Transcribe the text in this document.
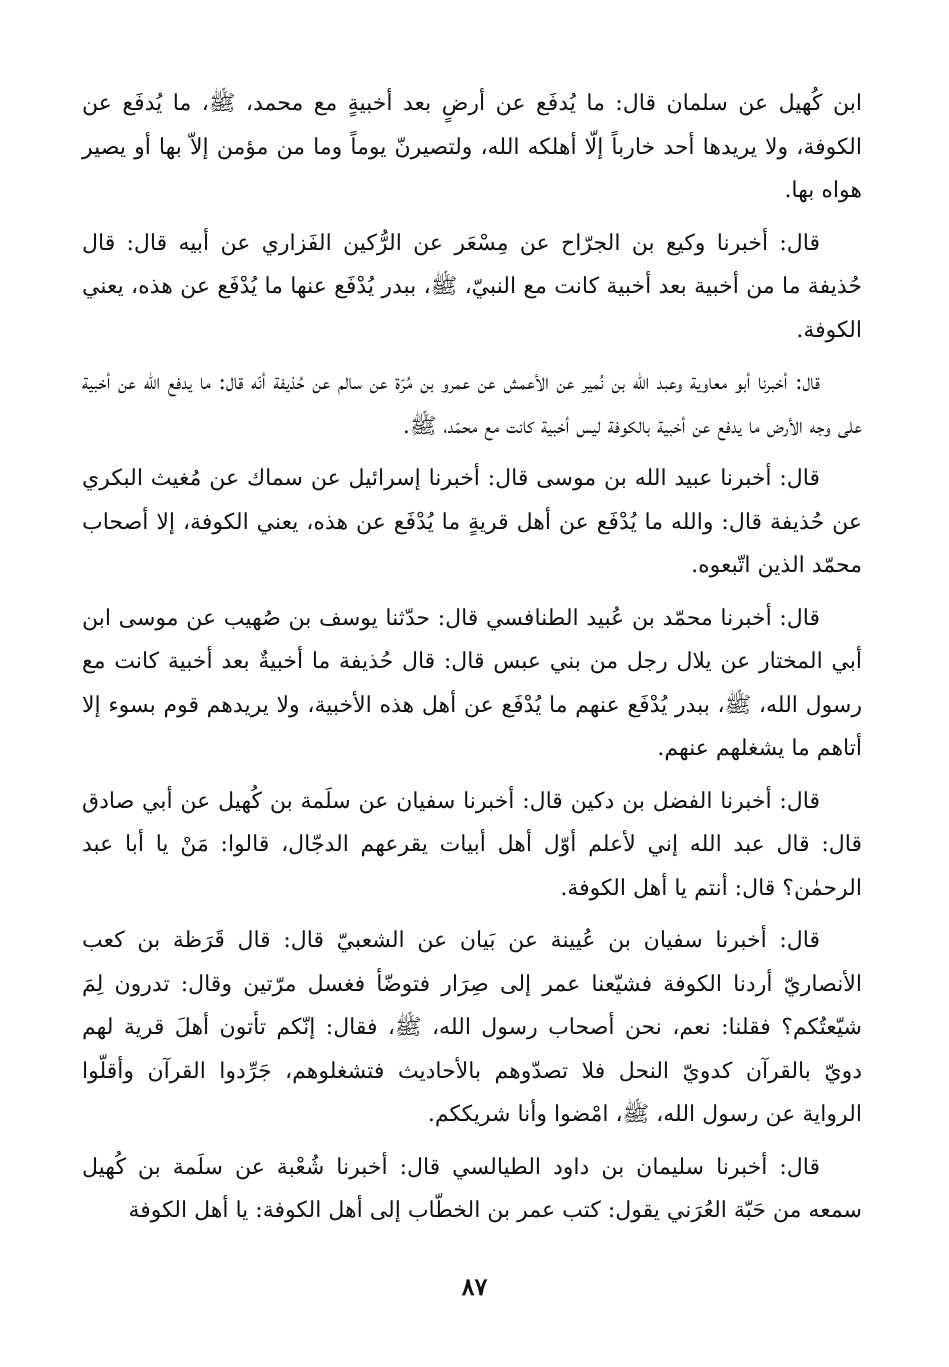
ابن كُهيل عن سلمان قال: ما يُدفَع عن أرضٍ بعد أخبيةٍ مع محمد، ﷺ، ما يُدفَع عن الكوفة، ولا يريدها أحد خارباً إلّا أهلكه الله، ولتصيرنّ يوماً وما من مؤمن إلاّ بها أو يصير هواه بها.

قال: أخبرنا وكيع بن الجرّاح عن مِسْعَر عن الرُّكين الفَزاري عن أبيه قال: قال حُذيفة ما من أخبية بعد أخبية كانت مع النبيّ، ﷺ، ببدر يُدْفَع عنها ما يُدْفَع عن هذه، يعني الكوفة.

قال: أخبرنا أبو معاوية وعبد الله بن نُمير عن الأعمش عن عمرو بن مُرّة عن سالم عن حُذيفة أنّه قال: ما يدفع الله عن أخبية على وجه الأرض ما يدفع عن أخبية بالكوفة ليس أخبية كانت مع محمّد، ﷺ.

قال: أخبرنا عبيد الله بن موسى قال: أخبرنا إسرائيل عن سماك عن مُغيث البكري عن حُذيفة قال: والله ما يُدْفَع عن أهل قريةٍ ما يُدْفَع عن هذه، يعني الكوفة، إلا أصحاب محمّد الذين اتّبعوه.

قال: أخبرنا محمّد بن عُبيد الطنافسي قال: حدّثنا يوسف بن صُهيب عن موسى ابن أبي المختار عن يلال رجل من بني عبس قال: قال حُذيفة ما أخبيةٌ بعد أخبية كانت مع رسول الله، ﷺ، ببدر يُدْفَع عنهم ما يُدْفَع عن أهل هذه الأخبية، ولا يريدهم قوم بسوء إلا أتاهم ما يشغلهم عنهم.

قال: أخبرنا الفضل بن دكين قال: أخبرنا سفيان عن سلَمة بن كُهيل عن أبي صادق قال: قال عبد الله إني لأعلم أوّل أهل أبيات يقرعهم الدجّال، قالوا: مَنْ يا أبا عبد الرحمٰن؟ قال: أنتم يا أهل الكوفة.

قال: أخبرنا سفيان بن عُيينة عن بَيان عن الشعبيّ قال: قال قَرَظة بن كعب الأنصاريّ أردنا الكوفة فشيّعنا عمر إلى صِرَار فتوضّأ فغسل مرّتين وقال: تدرون لِمَ شيّعتُكم؟ فقلنا: نعم، نحن أصحاب رسول الله، ﷺ، فقال: إنّكم تأتون أهلَ قرية لهم دويّ بالقرآن كدويّ النحل فلا تصدّوهم بالأحاديث فتشغلوهم، جَرِّدوا القرآن وأقلّوا الرواية عن رسول الله، ﷺ، امْضوا وأنا شريككم.

قال: أخبرنا سليمان بن داود الطيالسي قال: أخبرنا شُعْبة عن سلَمة بن كُهيل سمعه من حَبّة العُرَني يقول: كتب عمر بن الخطّاب إلى أهل الكوفة: يا أهل الكوفة

٨٧
